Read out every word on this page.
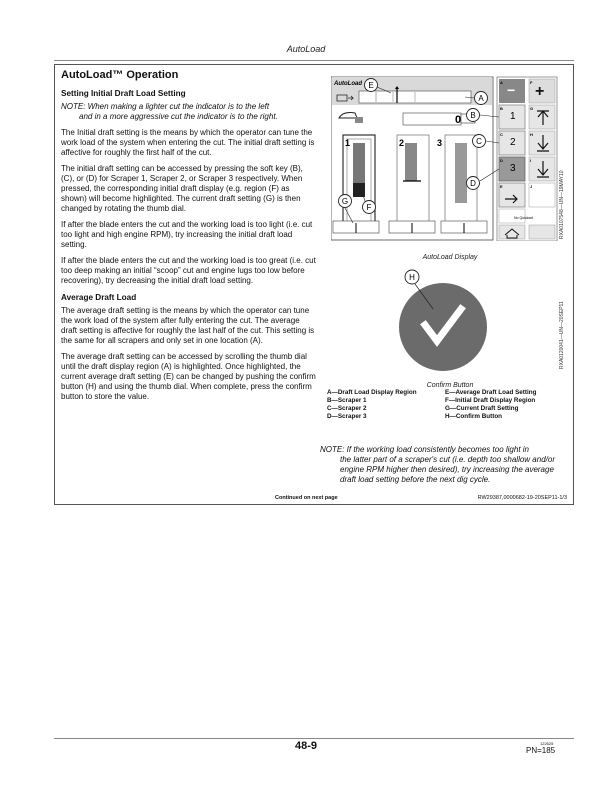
AutoLoad
AutoLoad™ Operation
Setting Initial Draft Load Setting

NOTE: When making a lighter cut the indicator is to the left
and in a more aggressive cut the indicator is to the right.

The Initial draft setting is the means by which the operator can tune the work load of the system when entering the cut. The initial draft setting is affective for roughly the first half of the cut.

The initial draft setting can be accessed by pressing the soft key (B), (C), or (D) for Scraper 1, Scraper 2, or Scraper 3 respectively. When pressed, the corresponding initial draft display (e.g. region (F) as shown) will become highlighted. The current draft setting (G) is then changed by rotating the thumb dial.

If after the blade enters the cut and the working load is too light (i.e. cut too light and high engine RPM), try increasing the initial draft load setting.

If after the blade enters the cut and the working load is too great (i.e. cut too deep making an initial “scoop” cut and engine lugs too low before recovering), try decreasing the initial draft load setting.

Average Draft Load

The average draft setting is the means by which the operator can tune the work load of the system after fully entering the cut. The average draft setting is affective for roughly the last half of the cut. This setting is the same for all scrapers and only set in one location (A).

The average draft setting can be accessed by scrolling the thumb dial until the draft display region (A) is highlighted. Once highlighted, the current average draft setting (E) can be changed by pushing the confirm button (H) and using the thumb dial. When complete, press the confirm button to store the value.

AutoLoad
0
1	2	3
− +
1
2
3
No Quickset
A	F
B	G
C	H
D	I
E	J
E
A
B
C
D
G
F	RXA0107548—UN—19MAY10
AutoLoad Display
H
RXA0120041—UN—20SEP11
Confirm Button
A—Draft Load Display Region
B—Scraper 1
C—Scraper 2
D—Scraper 3
E—Average Draft Load Setting
F—Initial Draft Display Region
G—Current Draft Setting
H—Confirm Button

NOTE: If the working load consistently becomes too light in
the latter part of a scraper's cut (i.e. depth too shallow and/or engine RPM higher then desired), try increasing the average draft load setting before the next dig cycle.

Continued on next page	RW29387,0000682-19-20SEP11-1/3
48-9	122625
PN=185
